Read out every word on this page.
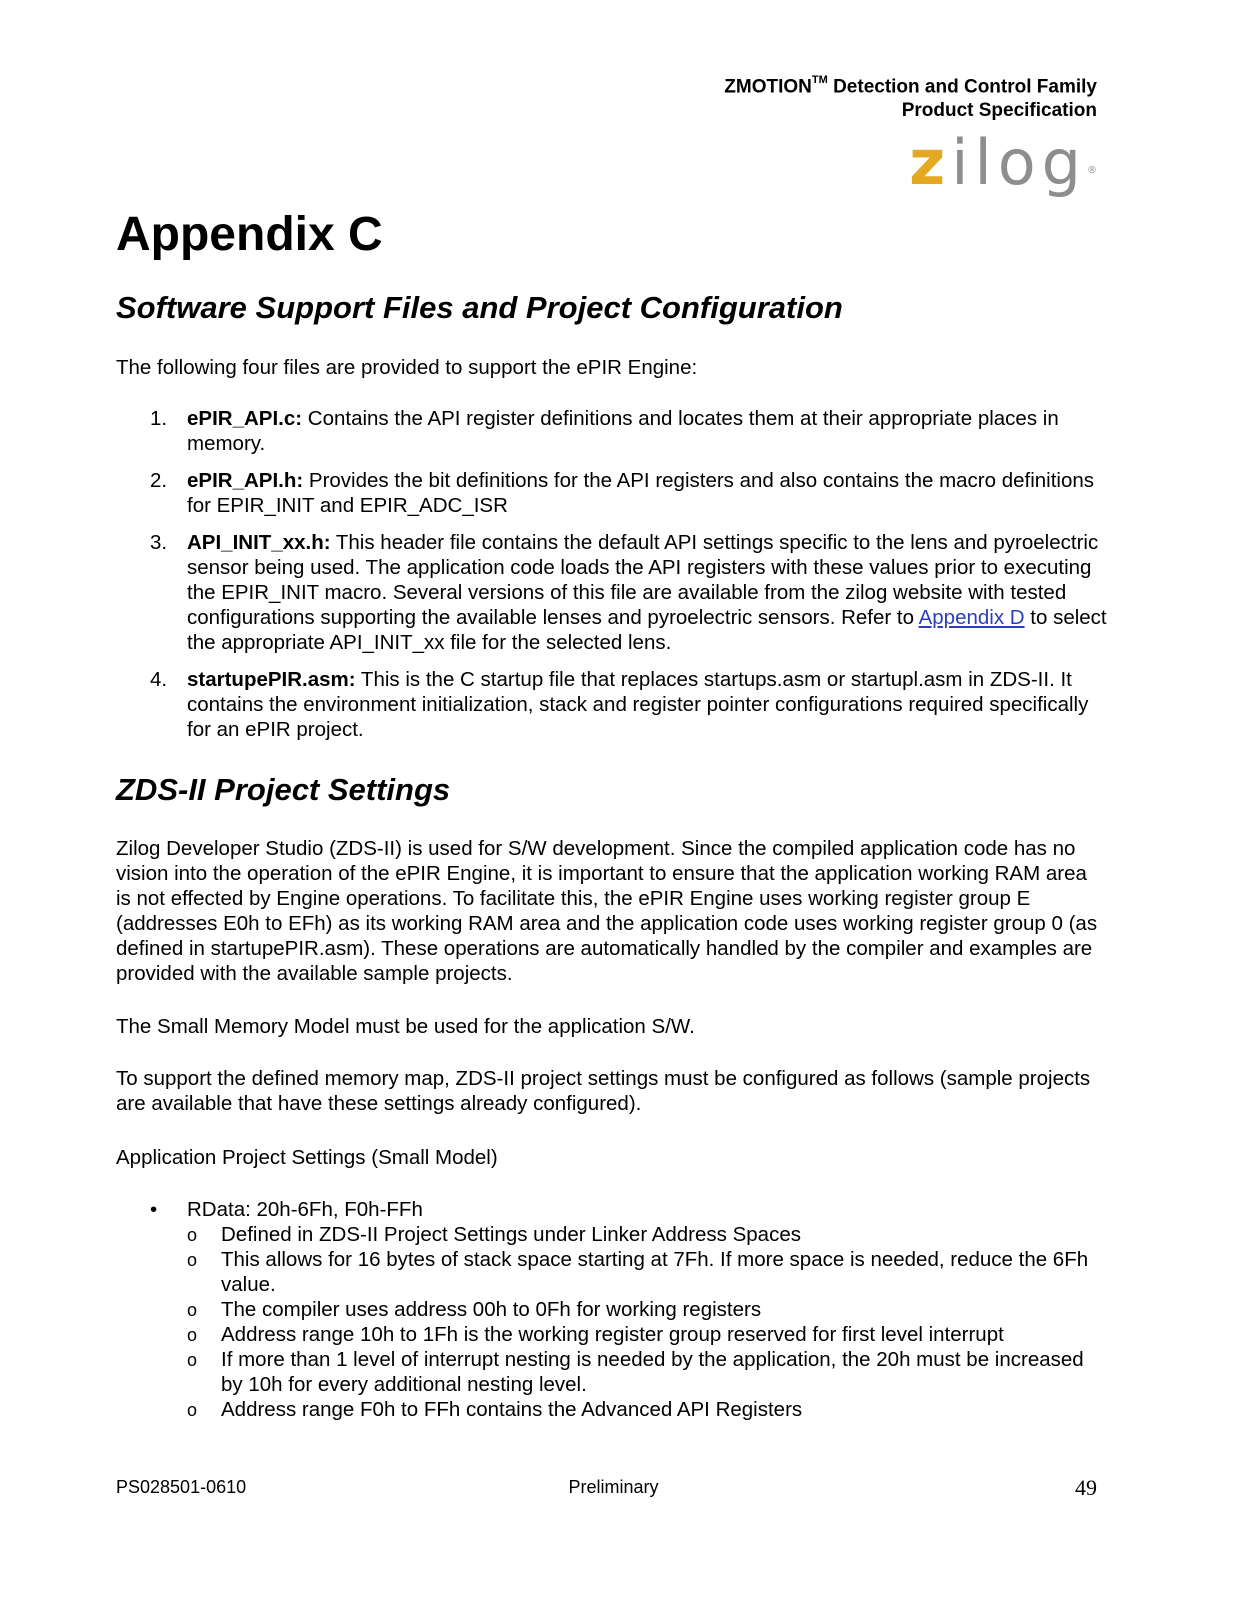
ZMOTION™ Detection and Control Family
Product Specification
zilog®
Appendix C
Software Support Files and Project Configuration

The following four files are provided to support the ePIR Engine:

1. ePIR_API.c: Contains the API register definitions and locates them at their appropriate places in memory.
2. ePIR_API.h: Provides the bit definitions for the API registers and also contains the macro definitions for EPIR_INIT and EPIR_ADC_ISR
3. API_INIT_xx.h: This header file contains the default API settings specific to the lens and pyroelectric sensor being used. The application code loads the API registers with these values prior to executing the EPIR_INIT macro. Several versions of this file are available from the zilog website with tested configurations supporting the available lenses and pyroelectric sensors. Refer to Appendix D to select the appropriate API_INIT_xx file for the selected lens.
4. startupePIR.asm: This is the C startup file that replaces startups.asm or startupl.asm in ZDS-II. It contains the environment initialization, stack and register pointer configurations required specifically for an ePIR project.
ZDS-II Project Settings

Zilog Developer Studio (ZDS-II) is used for S/W development. Since the compiled application code has no vision into the operation of the ePIR Engine, it is important to ensure that the application working RAM area is not effected by Engine operations. To facilitate this, the ePIR Engine uses working register group E (addresses E0h to EFh) as its working RAM area and the application code uses working register group 0 (as defined in startupePIR.asm). These operations are automatically handled by the compiler and examples are provided with the available sample projects.

The Small Memory Model must be used for the application S/W.

To support the defined memory map, ZDS-II project settings must be configured as follows (sample projects are available that have these settings already configured).

Application Project Settings (Small Model)

• RData: 20h-6Fh, F0h-FFh
o Defined in ZDS-II Project Settings under Linker Address Spaces
o This allows for 16 bytes of stack space starting at 7Fh. If more space is needed, reduce the 6Fh value.
o The compiler uses address 00h to 0Fh for working registers
o Address range 10h to 1Fh is the working register group reserved for first level interrupt
o If more than 1 level of interrupt nesting is needed by the application, the 20h must be increased by 10h for every additional nesting level.
o Address range F0h to FFh contains the Advanced API Registers
PS028501-0610	Preliminary	49
